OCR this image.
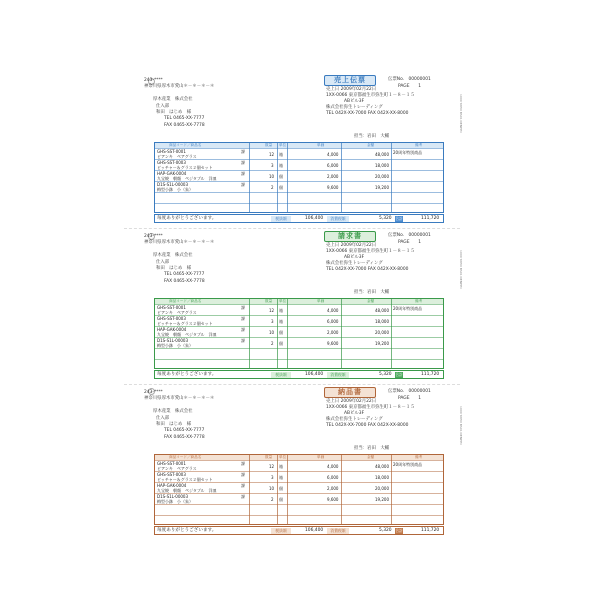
243-****
神奈川県厚木市愛山＊－＊－＊－＊
厚木産業　株式会社
仕入部
和田　はじめ　様
TEL 0465-XX-7777
FAX 0465-XX-7778
売上伝票	伝票No.　00000001
PAGE　　1
売上日 2009年02月22日
1XX-0066 東京都福生市弥生町１－８－１５
ABビル3F
株式会社弥生トレーディング
TEL 042X-XX-7000 FAX 042X-XX-8000
担当：岩田　大輔
商品コード／商品名	数量 単位	単価	金額	備考
GHS-SST-0001
ピアンキ　ペアグラス
課
12 箱	4,000	48,000 20周年特別商品
GHS-SST-0003
ピッチャー＆グラス２個セット
課
3 箱	6,000	18,000
HAP-GAK-0004
九宝焼　朝顔　ペジタブル　洋皿
課
10 個	2,000	20,000
D1S-S1L-00003
梅型小鉢　小（朱）
課
2 個	9,600	19,200
毎度ありがとうございます。	税抜額	106,400	消費税額	5,320 合計	111,720
1000 YAYOI BS01 DENPYO
243-****
神奈川県厚木市愛山＊－＊－＊－＊
厚木産業　株式会社
仕入部
和田　はじめ　様
TEL 0465-XX-7777
FAX 0465-XX-7778
請求書	伝票No.　00000001
PAGE　　1
売上日 2009年02月22日
1XX-0066 東京都福生市弥生町１－８－１５
ABビル3F
株式会社弥生トレーディング
TEL 042X-XX-7000 FAX 042X-XX-8000
担当：岩田　大輔
商品コード／商品名	数量 単位	単価	金額	備考
GHS-SST-0001
ピアンキ　ペアグラス
課
12 箱	4,000	48,000 20周年特別商品
GHS-SST-0003
ピッチャー＆グラス２個セット
課
3 箱	6,000	18,000
HAP-GAK-0004
九宝焼　朝顔　ペジタブル　洋皿
課
10 個	2,000	20,000
D1S-S1L-00003
梅型小鉢　小（朱）
課
2 個	9,600	19,200
毎度ありがとうございます。	税抜額	106,400	消費税額	5,320 合計	111,720
1000 YAYOI BS01 DENPYO
243-****
神奈川県厚木市愛山＊－＊－＊－＊
厚木産業　株式会社
仕入部
和田　はじめ　様
TEL 0465-XX-7777
FAX 0465-XX-7778
納品書	伝票No.　00000001
PAGE　　1
売上日 2009年02月22日
1XX-0066 東京都福生市弥生町１－８－１５
ABビル3F
株式会社弥生トレーディング
TEL 042X-XX-7000 FAX 042X-XX-8000
担当：岩田　大輔
商品コード／商品名	数量 単位	単価	金額	備考
GHS-SST-0001
ピアンキ　ペアグラス
課
12 箱	4,000	48,000 20周年特別商品
GHS-SST-0003
ピッチャー＆グラス２個セット
課
3 箱	6,000	18,000
HAP-GAK-0004
九宝焼　朝顔　ペジタブル　洋皿
課
10 個	2,000	20,000
D1S-S1L-00003
梅型小鉢　小（朱）
課
2 個	9,600	19,200
毎度ありがとうございます。	税抜額	106,400	消費税額	5,320 合計	111,720
1000 YAYOI BS01 DENPYO
